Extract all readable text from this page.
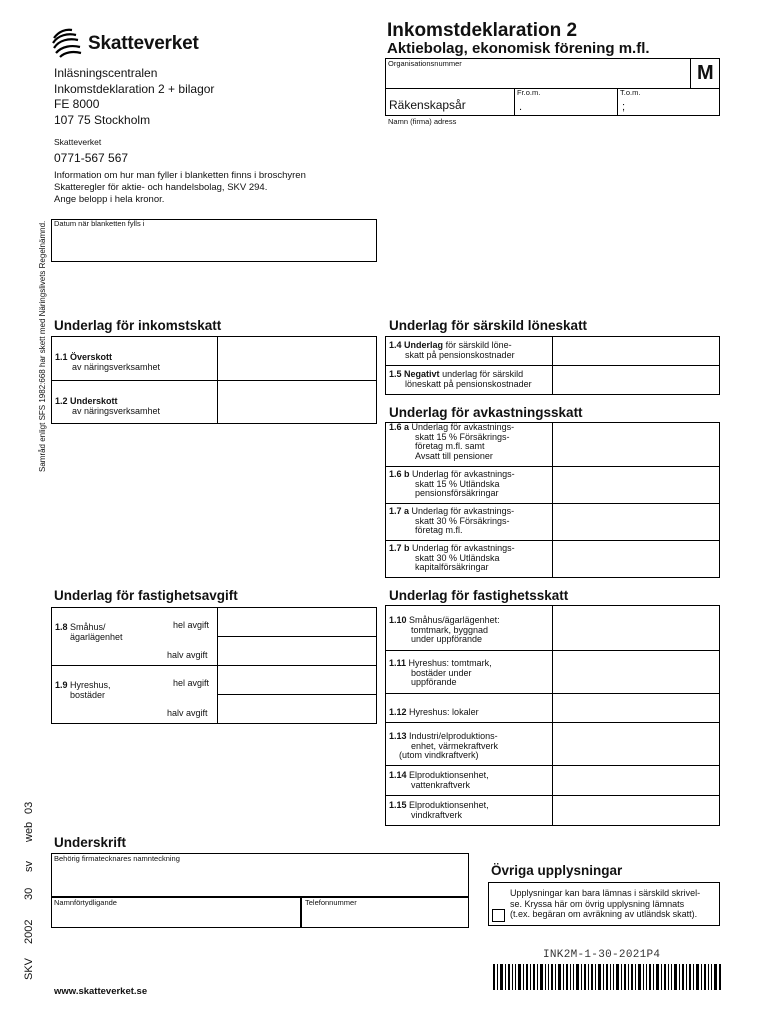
Skatteverket
Inkomstdeklaration 2
Aktiebolag, ekonomisk förening m.fl.
Organisationsnummer	M
Räkenskapsår
Fr.o.m.	T.o.m.
.	;
Namn (firma) adress
Inläsningscentralen
Inkomstdeklaration 2 + bilagor
FE 8000
107 75 Stockholm
Skatteverket
0771-567 567
Information om hur man fyller i blanketten finns i broschyren
Skatteregler för aktie- och handelsbolag, SKV 294.
Ange belopp i hela kronor.
Datum när blanketten fylls i
Samråd enligt SFS 1982:668 har skett med Näringslivets Regelnämnd.
SKV
2002
30
sv
web
03
Underlag för inkomstskatt
1.1 Överskott
av näringsverksamhet
1.2 Underskott
av näringsverksamhet
Underlag för särskild löneskatt
1.4 Underlag för särskild löne-
skatt på pensionskostnader
1.5 Negativt underlag för särskild
löneskatt på pensionskostnader
Underlag för avkastningsskatt
1.6 a Underlag för avkastnings-
skatt 15 % Försäkrings-
företag m.fl. samt
Avsatt till pensioner
1.6 b Underlag för avkastnings-
skatt 15 % Utländska
pensionsförsäkringar
1.7 a Underlag för avkastnings-
skatt 30 % Försäkrings-
företag m.fl.
1.7 b Underlag för avkastnings-
skatt 30 % Utländska
kapitalförsäkringar
Underlag för fastighetsavgift
1.8 Småhus/
ägarlägenhet
hel avgift
halv avgift
1.9 Hyreshus,
bostäder
hel avgift
halv avgift
Underlag för fastighetsskatt
1.10 Småhus/ägarlägenhet:
tomtmark, byggnad
under uppförande
1.11 Hyreshus: tomtmark,
bostäder under
uppförande
1.12 Hyreshus: lokaler
1.13 Industri/elproduktions-
enhet, värmekraftverk
(utom vindkraftverk)
1.14 Elproduktionsenhet,
vattenkraftverk
1.15 Elproduktionsenhet,
vindkraftverk
Underskrift
Behörig firmatecknares namnteckning
Namnförtydligande	Telefonnummer
Övriga upplysningar
Upplysningar kan bara lämnas i särskild skrivel-
se. Kryssa här om övrig upplysning lämnats
(t.ex. begäran om avräkning av utländsk skatt).
INK2M-1-30-2021P4
www.skatteverket.se
